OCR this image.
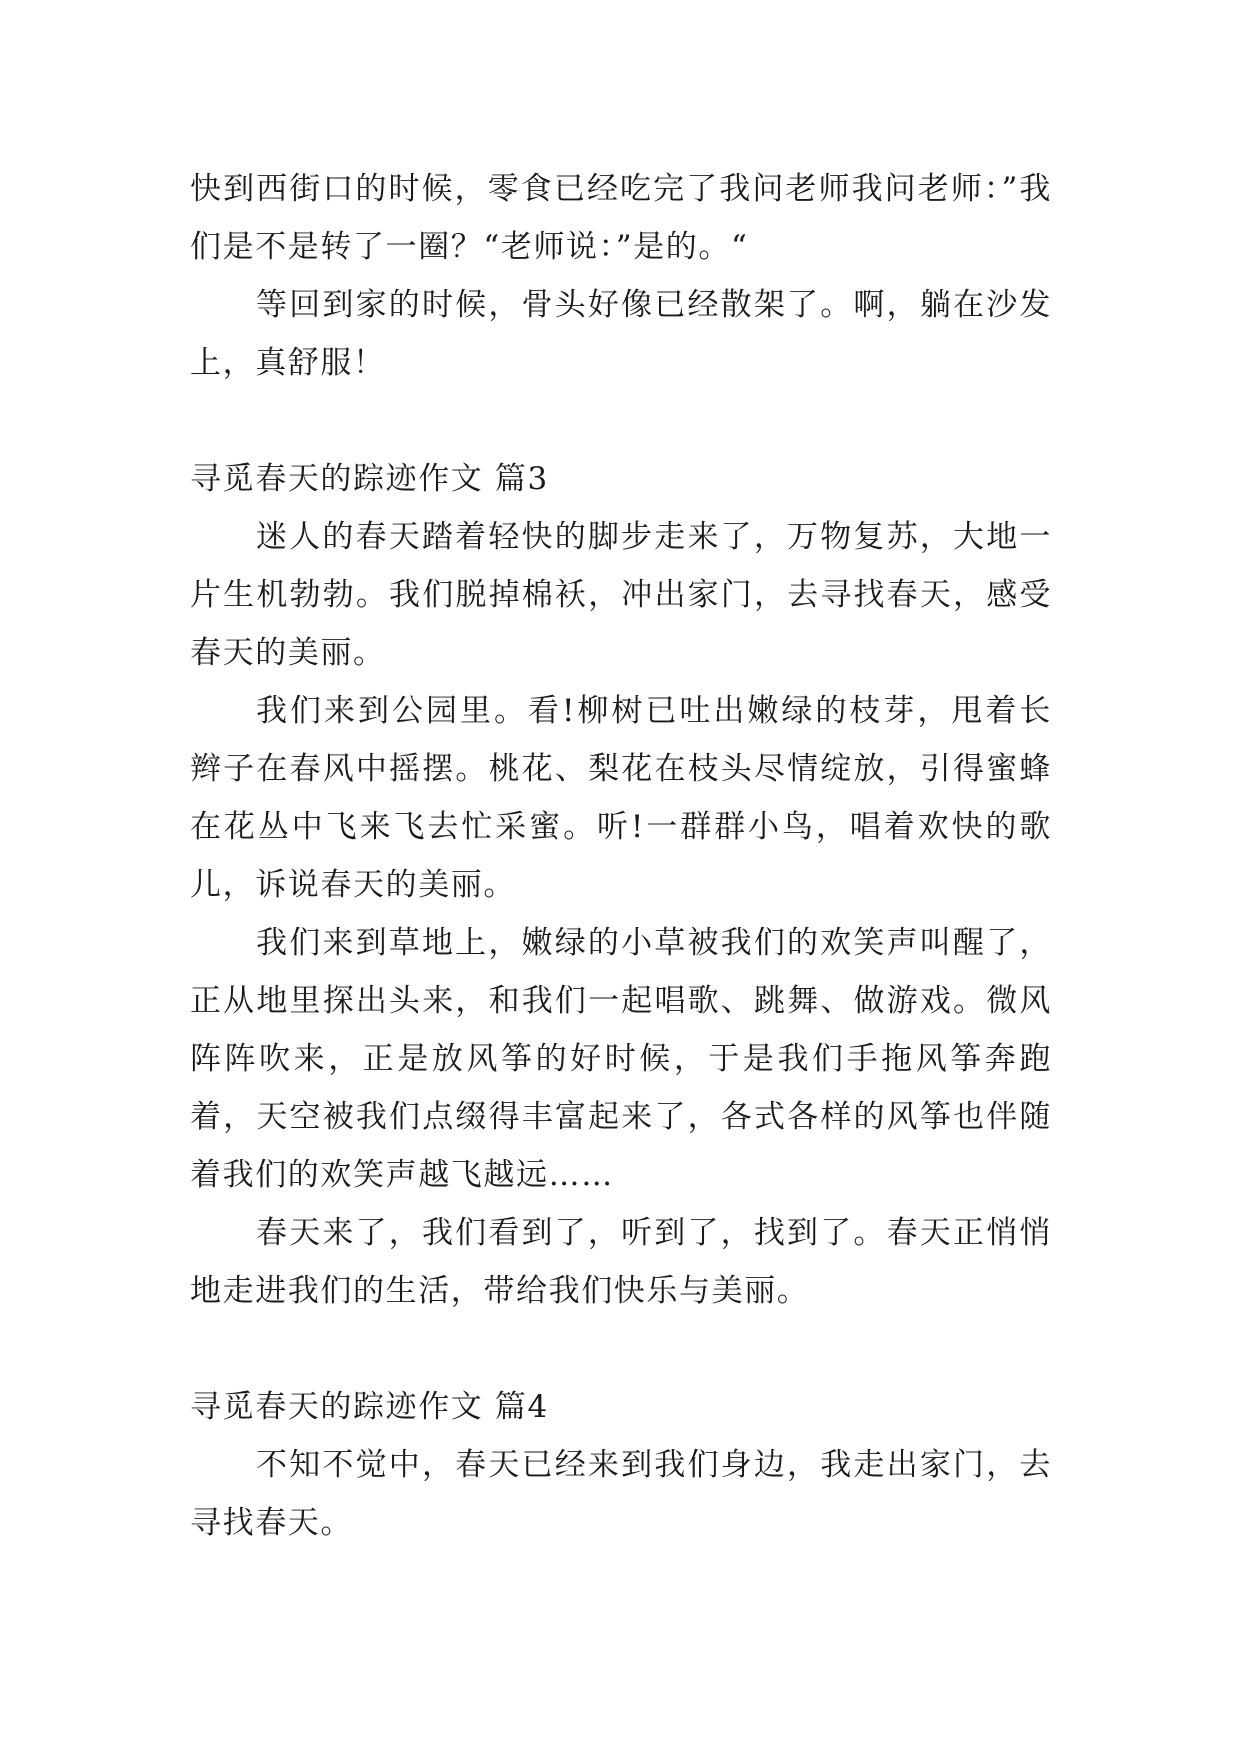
快到西街口的时候，零食已经吃完了我问老师我问老师：”我们是不是转了一圈？“老师说：”是的。“

等回到家的时候，骨头好像已经散架了。啊，躺在沙发上，真舒服！

寻觅春天的踪迹作文 篇3

迷人的春天踏着轻快的脚步走来了，万物复苏，大地一片生机勃勃。我们脱掉棉袄，冲出家门，去寻找春天，感受春天的美丽。

我们来到公园里。看!柳树已吐出嫩绿的枝芽，甩着长辫子在春风中摇摆。桃花、梨花在枝头尽情绽放，引得蜜蜂在花丛中飞来飞去忙采蜜。听!一群群小鸟，唱着欢快的歌儿，诉说春天的美丽。

我们来到草地上，嫩绿的小草被我们的欢笑声叫醒了，正从地里探出头来，和我们一起唱歌、跳舞、做游戏。微风阵阵吹来，正是放风筝的好时候，于是我们手拖风筝奔跑着，天空被我们点缀得丰富起来了，各式各样的风筝也伴随着我们的欢笑声越飞越远……

春天来了，我们看到了，听到了，找到了。春天正悄悄地走进我们的生活，带给我们快乐与美丽。

寻觅春天的踪迹作文 篇4

不知不觉中，春天已经来到我们身边，我走出家门，去寻找春天。
